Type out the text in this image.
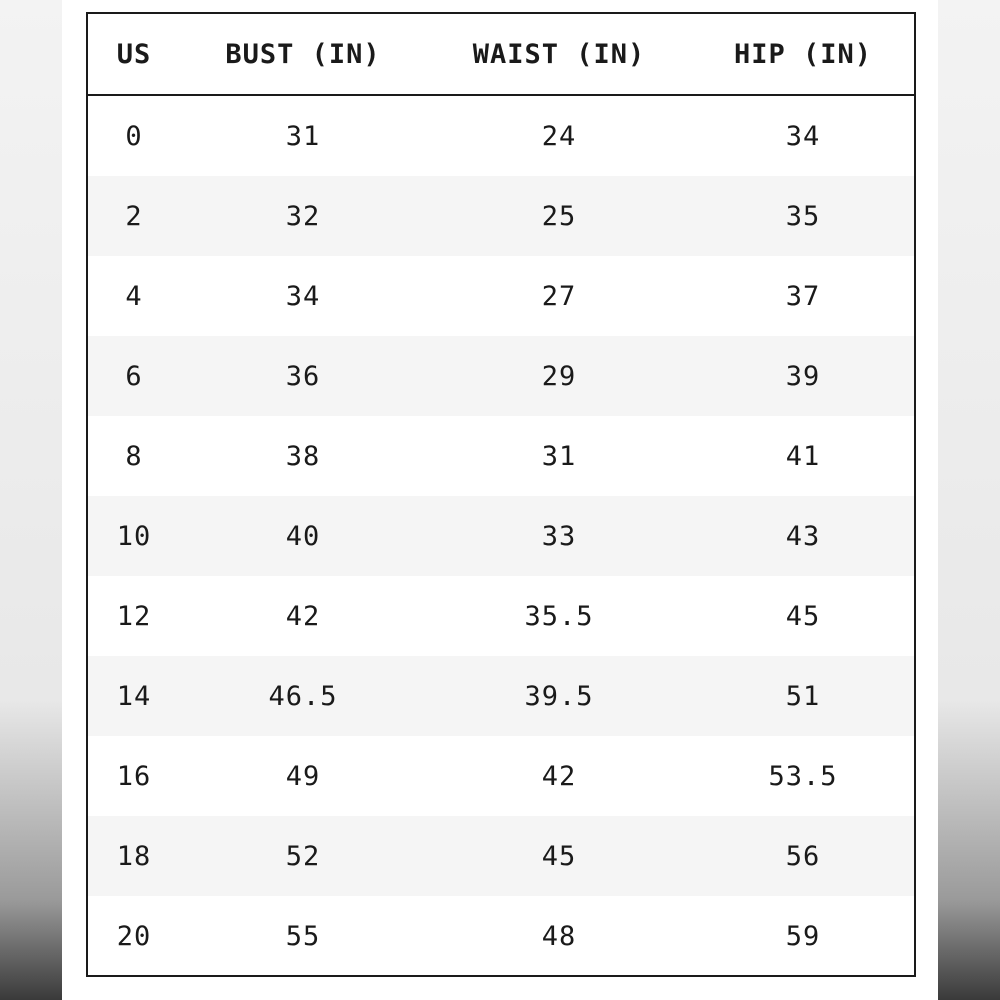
US	BUST (IN)	WAIST (IN)	HIP (IN)
0	31	24	34
2	32	25	35
4	34	27	37
6	36	29	39
8	38	31	41
10	40	33	43
12	42	35.5	45
14	46.5	39.5	51
16	49	42	53.5
18	52	45	56
20	55	48	59
